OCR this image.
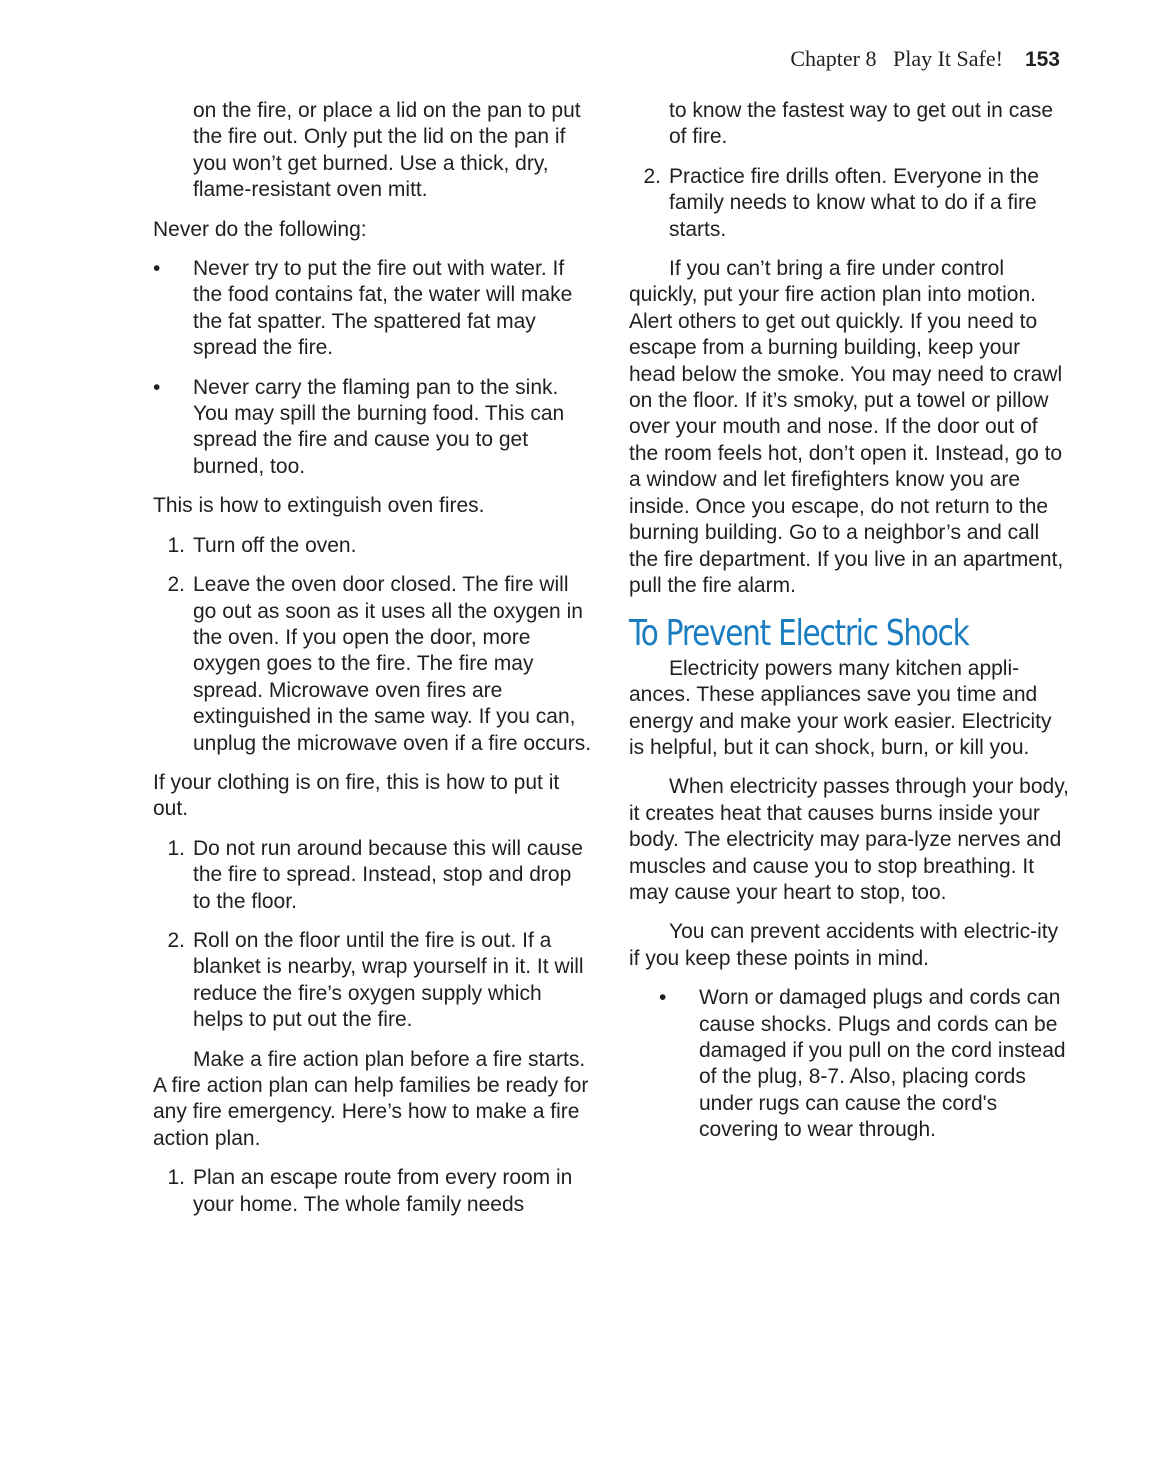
Chapter 8   Play It Safe! 153

on the fire, or place a lid on the pan to put the fire out. Only put the lid on the pan if you won’t get burned. Use a thick, dry, flame-resistant oven mitt.

Never do the following:

•	Never try to put the fire out with water. If the food contains fat, the water will make the fat spatter. The spattered fat may spread the fire.
•	Never carry the flaming pan to the sink. You may spill the burning food. This can spread the fire and cause you to get burned, too.

This is how to extinguish oven fires.

1. Turn off the oven.
2. Leave the oven door closed. The fire will go out as soon as it uses all the oxygen in the oven. If you open the door, more oxygen goes to the fire. The fire may spread. Microwave oven fires are extinguished in the same way. If you can, unplug the microwave oven if a fire occurs.

If your clothing is on fire, this is how to put it out.

1. Do not run around because this will cause the fire to spread. Instead, stop and drop to the floor.
2. Roll on the floor until the fire is out. If a blanket is nearby, wrap yourself in it. It will reduce the fire’s oxygen supply which helps to put out the fire.

Make a fire action plan before a fire starts. A fire action plan can help families be ready for any fire emergency. Here’s how to make a fire action plan.

1. Plan an escape route from every room in your home. The whole family needs

to know the fastest way to get out in case of fire.

2. Practice fire drills often. Everyone in the family needs to know what to do if a fire starts.

If you can’t bring a fire under control quickly, put your fire action plan into motion. Alert others to get out quickly. If you need to escape from a burning building, keep your head below the smoke. You may need to crawl on the floor. If it’s smoky, put a towel or pillow over your mouth and nose. If the door out of the room feels hot, don’t open it. Instead, go to a window and let firefighters know you are inside. Once you escape, do not return to the burning building. Go to a neighbor’s and call the fire department. If you live in an apartment, pull the fire alarm.

To Prevent Electric Shock

Electricity powers many kitchen appli-ances. These appliances save you time and energy and make your work easier. Electricity is helpful, but it can shock, burn, or kill you.

When electricity passes through your body, it creates heat that causes burns inside your body. The electricity may para-lyze nerves and muscles and cause you to stop breathing. It may cause your heart to stop, too.

You can prevent accidents with electric-ity if you keep these points in mind.

•	Worn or damaged plugs and cords can cause shocks. Plugs and cords can be damaged if you pull on the cord instead of the plug, 8-7. Also, placing cords under rugs can cause the cord's covering to wear through.
